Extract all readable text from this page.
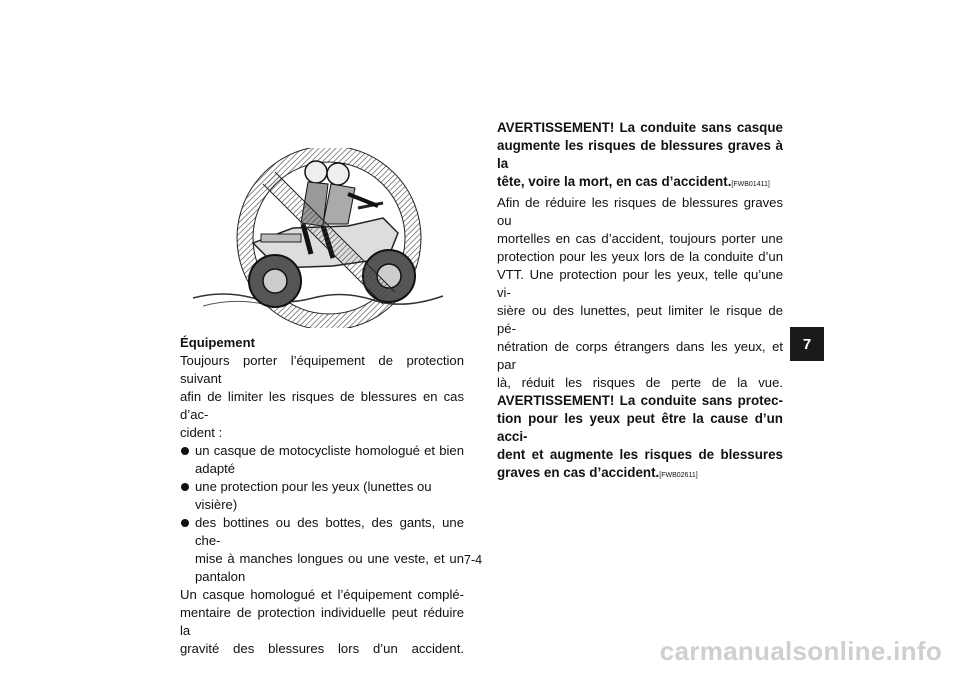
Équipement

Toujours porter l’équipement de protection suivant

afin de limiter les risques de blessures en cas d’ac-

cident :

un casque de motocycliste homologué et bien

adapté

une protection pour les yeux (lunettes ou visière)

des bottines ou des bottes, des gants, une che-

mise à manches longues ou une veste, et un

pantalon

Un casque homologué et l’équipement complé-

mentaire de protection individuelle peut réduire la

gravité des blessures lors d’un accident.

AVERTISSEMENT! La conduite sans casque

augmente les risques de blessures graves à la

tête, voire la mort, en cas d’accident.[FWB01411]

Afin de réduire les risques de blessures graves ou

mortelles en cas d’accident, toujours porter une

protection pour les yeux lors de la conduite d’un

VTT. Une protection pour les yeux, telle qu’une vi-

sière ou des lunettes, peut limiter le risque de pé-

nétration de corps étrangers dans les yeux, et par

là, réduit les risques de perte de la vue.

AVERTISSEMENT! La conduite sans protec-

tion pour les yeux peut être la cause d’un acci-

dent et augmente les risques de blessures

graves en cas d’accident.[FWB02611]

7
7-4
carmanualsonline.info
